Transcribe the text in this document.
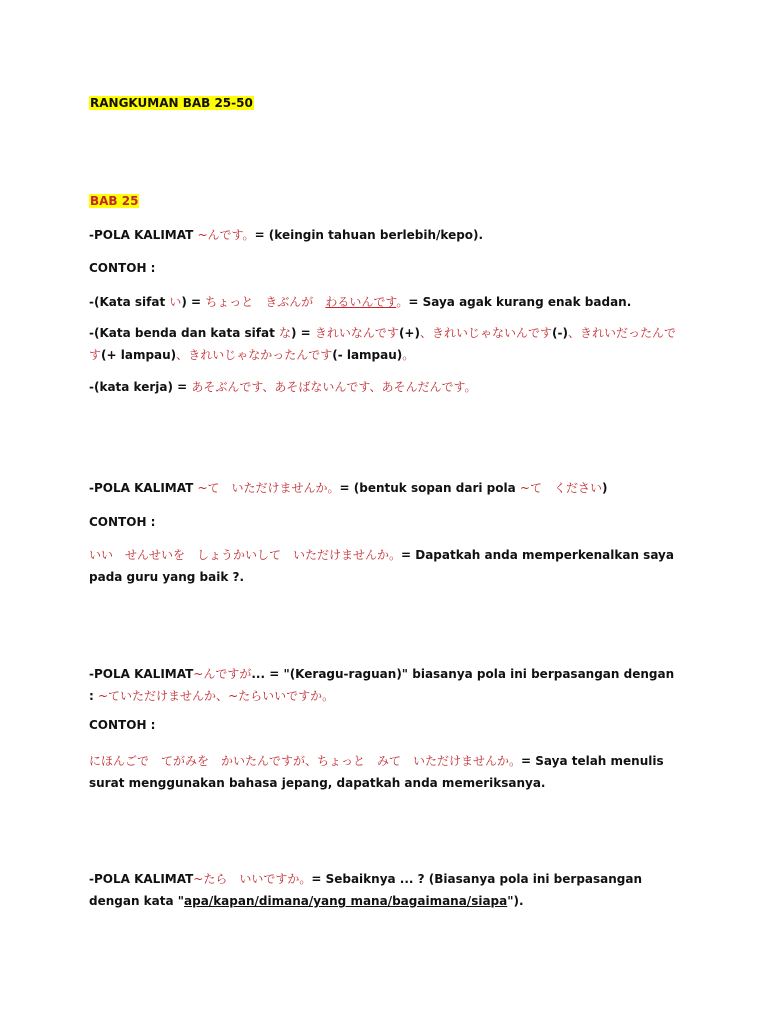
RANGKUMAN BAB 25-50
BAB 25
-POLA KALIMAT ~んです。= (keingin tahuan berlebih/kepo).
CONTOH :
-(Kata sifat い) = ちょっと　きぶんが　わるいんです。= Saya agak kurang enak badan.
-(Kata benda dan kata sifat な) = きれいなんです(+)、きれいじゃないんです(-)、きれいだったんです(+ lampau)、きれいじゃなかったんです(- lampau)。
-(kata kerja) = あそぶんです、あそばないんです、あそんだんです。
-POLA KALIMAT ~て　いただけませんか。= (bentuk sopan dari pola ~て　ください)
CONTOH :
いい　せんせいを　しょうかいして　いただけませんか。= Dapatkah anda memperkenalkan saya pada guru yang baik ?.
-POLA KALIMAT~んですが... = "(Keragu-raguan)" biasanya pola ini berpasangan dengan : ~ていただけませんか、~たらいいですか。
CONTOH :
にほんごで　てがみを　かいたんですが、ちょっと　みて　いただけませんか。= Saya telah menulis surat menggunakan bahasa jepang, dapatkah anda memeriksanya.
-POLA KALIMAT~たら　いいですか。= Sebaiknya ... ? (Biasanya pola ini berpasangan dengan kata "apa/kapan/dimana/yang mana/bagaimana/siapa").
